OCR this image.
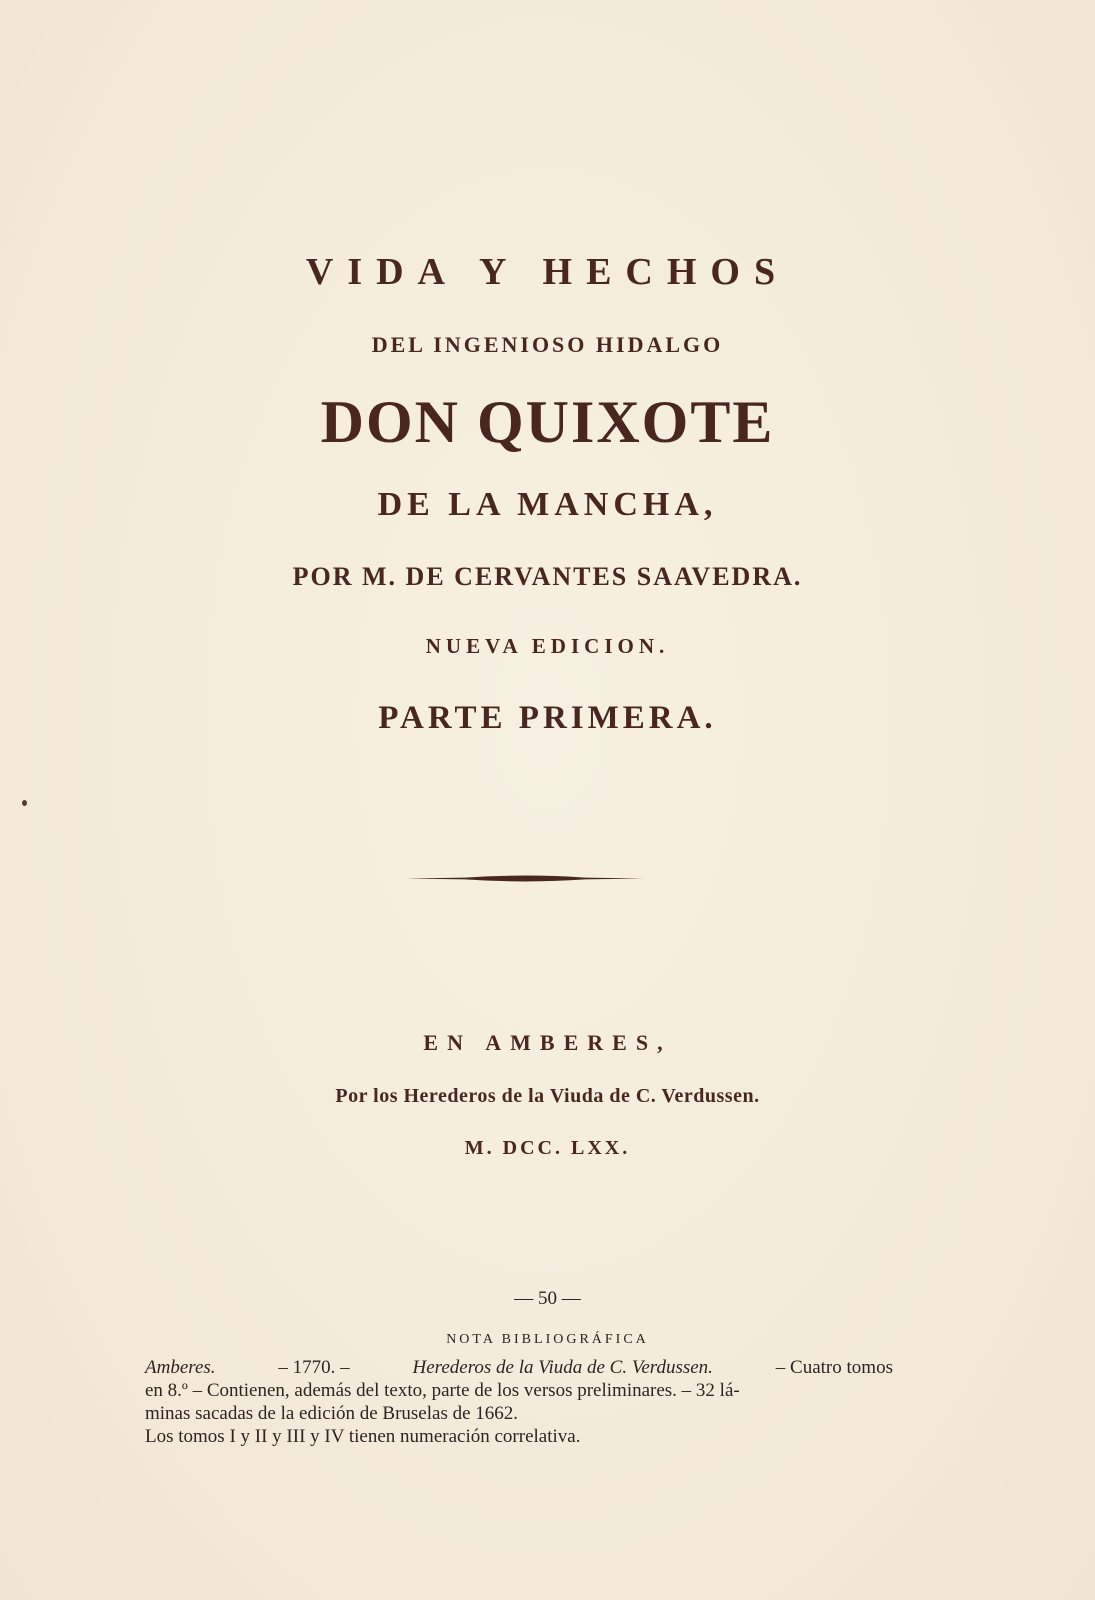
VIDA Y HECHOS
DEL INGENIOSO HIDALGO
DON QUIXOTE
DE LA MANCHA,
POR M. DE CERVANTES SAAVEDRA.
NUEVA EDICION.
PARTE PRIMERA.
EN AMBERES,
Por los Herederos de la Viuda de C. Verdussen.
M. DCC. LXX.
— 50 —
NOTA BIBLIOGRÁFICA
Amberes.	– 1770. –	Herederos de la Viuda de C. Verdussen.	– Cuatro tomos
en 8.º – Contienen, además del texto, parte de los versos preliminares. – 32 lá-
minas sacadas de la edición de Bruselas de 1662.
Los tomos I y II y III y IV tienen numeración correlativa.
